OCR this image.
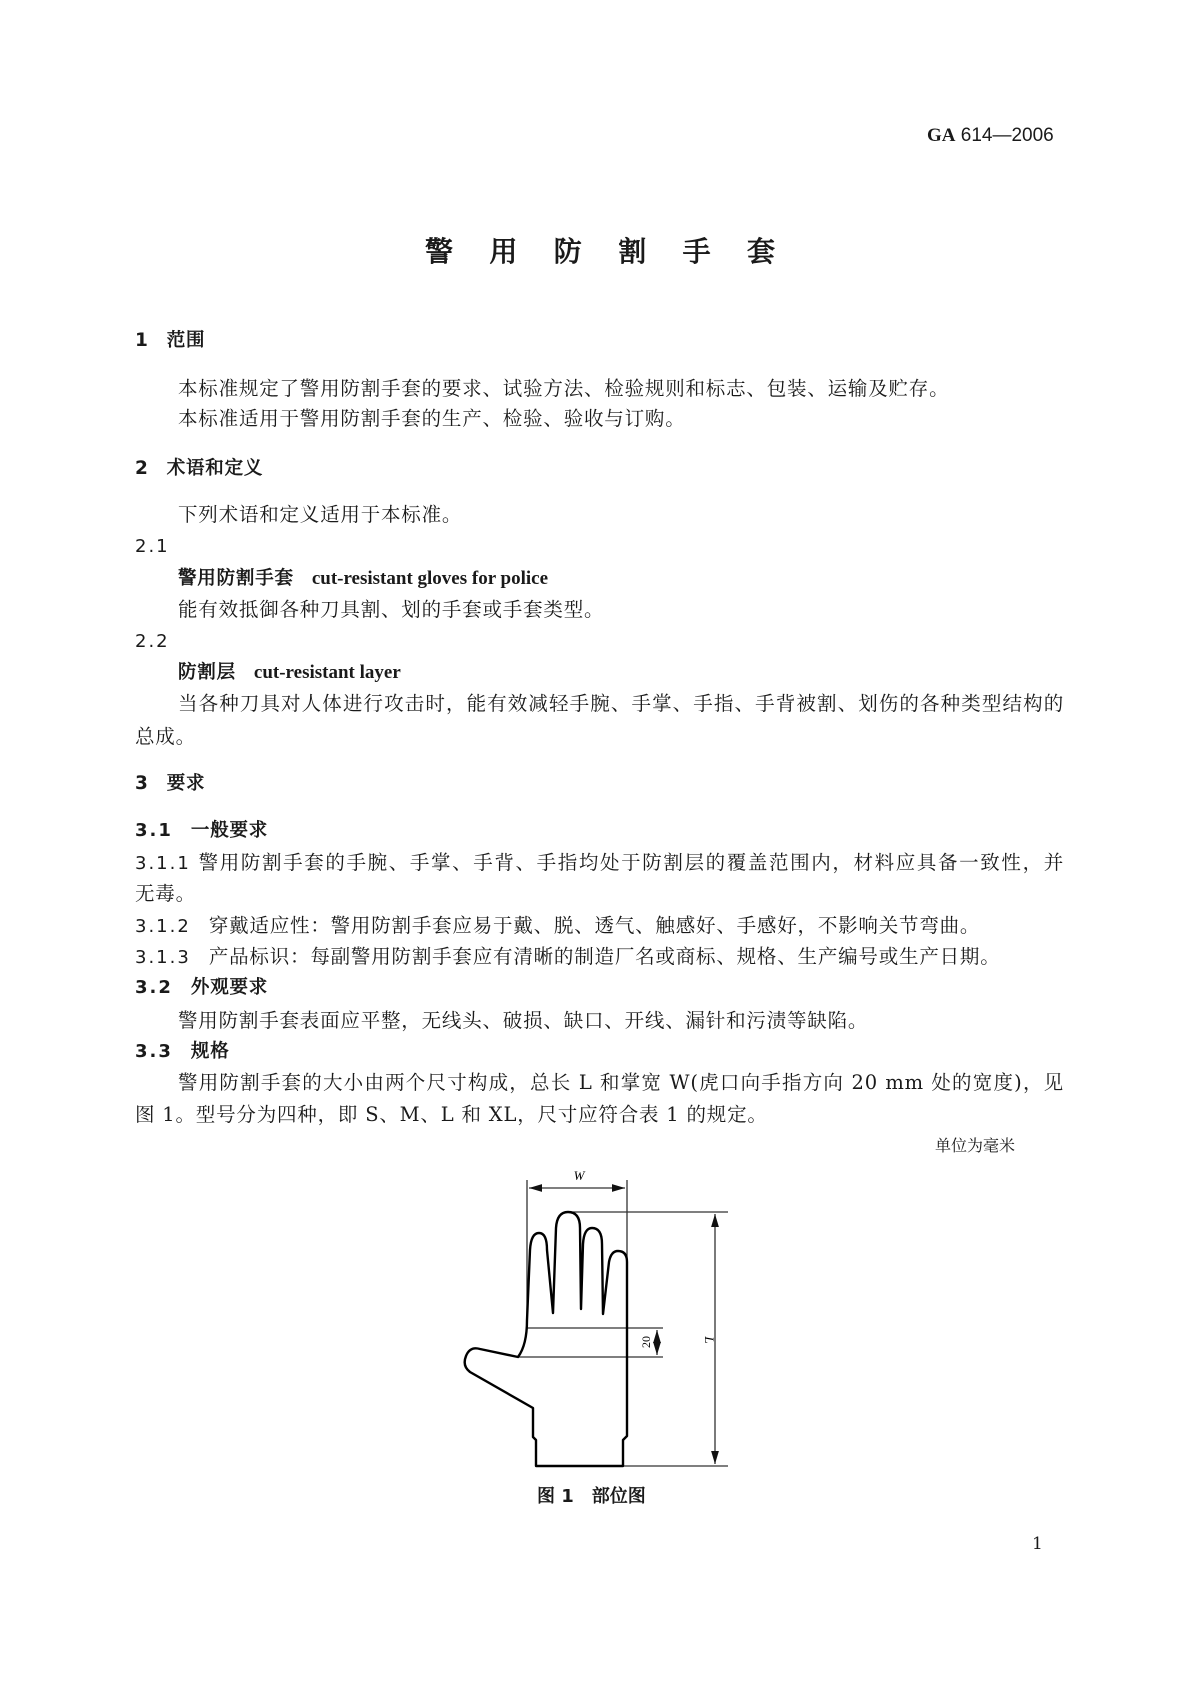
GA 614—2006
警用防割手套
1 范围
本标准规定了警用防割手套的要求、试验方法、检验规则和标志、包装、运输及贮存。
本标准适用于警用防割手套的生产、检验、验收与订购。
2 术语和定义
下列术语和定义适用于本标准。
2.1
警用防割手套 cut-resistant gloves for police
能有效抵御各种刀具割、划的手套或手套类型。
2.2
防割层 cut-resistant layer
当各种刀具对人体进行攻击时，能有效减轻手腕、手掌、手指、手背被割、划伤的各种类型结构的
总成。
3 要求
3.1 一般要求
3.1.1 警用防割手套的手腕、手掌、手背、手指均处于防割层的覆盖范围内，材料应具备一致性，并
无毒。
3.1.2 穿戴适应性：警用防割手套应易于戴、脱、透气、触感好、手感好，不影响关节弯曲。
3.1.3 产品标识：每副警用防割手套应有清晰的制造厂名或商标、规格、生产编号或生产日期。
3.2 外观要求
警用防割手套表面应平整，无线头、破损、缺口、开线、漏针和污渍等缺陷。
3.3 规格
警用防割手套的大小由两个尺寸构成，总长 L 和掌宽 W(虎口向手指方向 20 mm 处的宽度)，见
图 1。型号分为四种，即 S、M、L 和 XL，尺寸应符合表 1 的规定。
单位为毫米
W
L
20
图 1　部位图
1
